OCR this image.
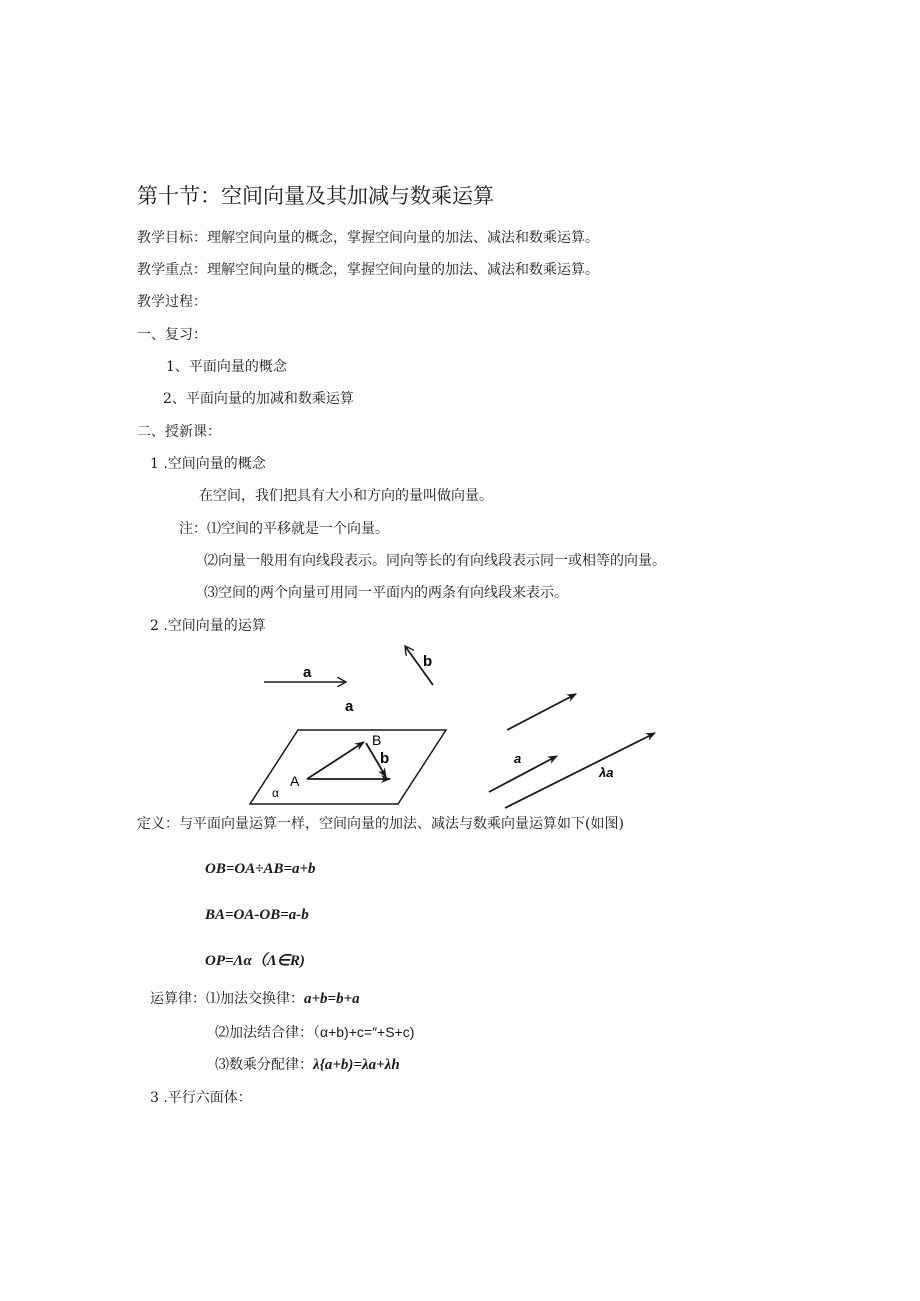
第十节：空间向量及其加减与数乘运算
教学目标：理解空间向量的概念，掌握空间向量的加法、减法和数乘运算。
教学重点：理解空间向量的概念，掌握空间向量的加法、减法和数乘运算。
教学过程：
一、复习：
1、平面向量的概念
2、平面向量的加减和数乘运算
二、授新课：
1 .空间向量的概念
在空间，我们把具有大小和方向的量叫做向量。
注：⑴空间的平移就是一个向量。
⑵向量一般用有向线段表示。同向等长的有向线段表示同一或相等的向量。
⑶空间的两个向量可用同一平面内的两条有向线段来表示。
2 .空间向量的运算
a
b
a
α
B
b
A
a
λa
定义：与平面向量运算一样，空间向量的加法、减法与数乘向量运算如下(如图)
OB=OA÷AB=a+b
BA=OA-OB=a-b
OP=Λα（Λ∈R)
运算律：⑴加法交换律：a+b=b+a
⑵加法结合律：（α+b)+c=″+S+c)
⑶数乘分配律：λ{a+b)=λa+λh
3 .平行六面体：
